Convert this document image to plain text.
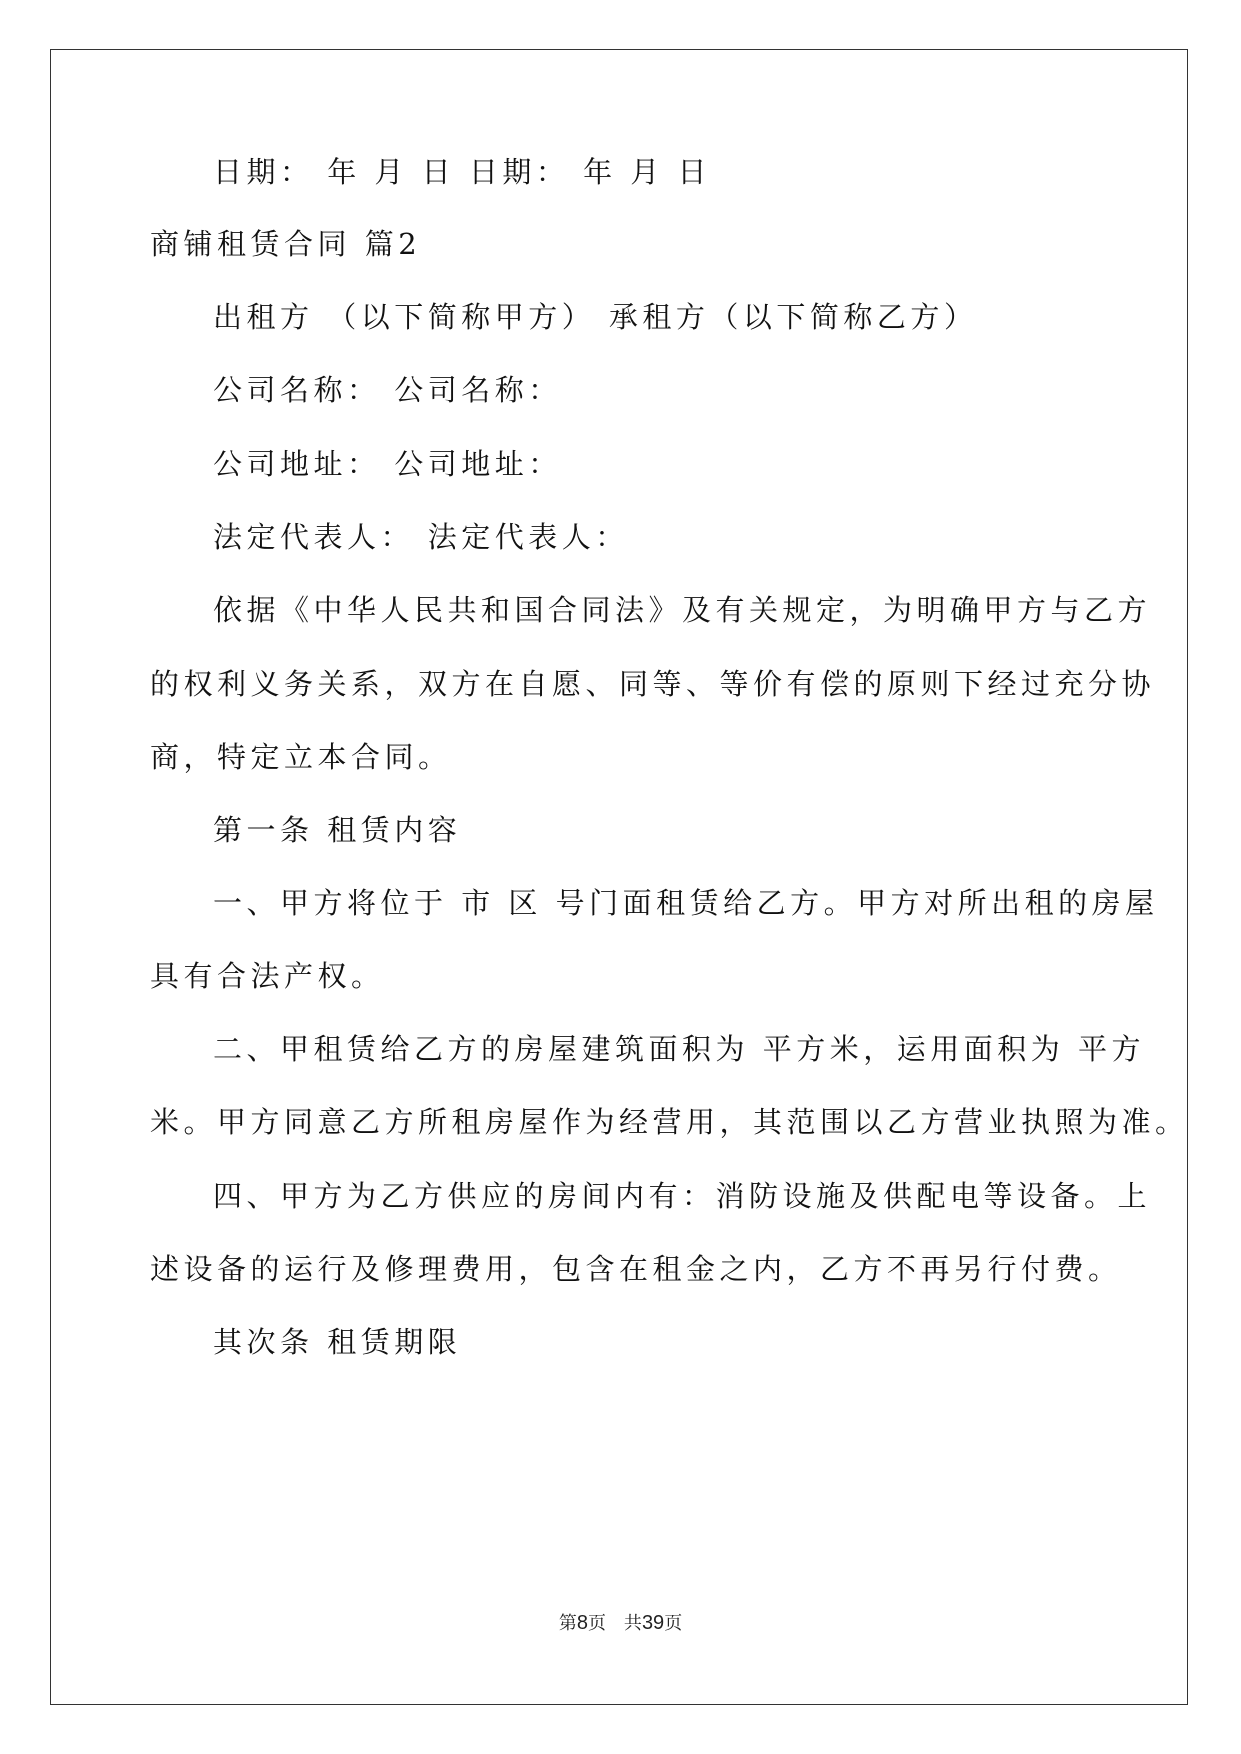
日期： 年 月 日 日期： 年 月 日

商铺租赁合同 篇2

出租方 （以下简称甲方） 承租方（以下简称乙方）

公司名称： 公司名称：

公司地址： 公司地址：

法定代表人： 法定代表人：

依据《中华人民共和国合同法》及有关规定，为明确甲方与乙方

的权利义务关系，双方在自愿、同等、等价有偿的原则下经过充分协

商，特定立本合同。

第一条 租赁内容

一、甲方将位于 市 区 号门面租赁给乙方。甲方对所出租的房屋

具有合法产权。

二、甲租赁给乙方的房屋建筑面积为 平方米，运用面积为 平方

米。甲方同意乙方所租房屋作为经营用，其范围以乙方营业执照为准。

四、甲方为乙方供应的房间内有：消防设施及供配电等设备。上

述设备的运行及修理费用，包含在租金之内，乙方不再另行付费。

其次条 租赁期限

第8页　共39页
